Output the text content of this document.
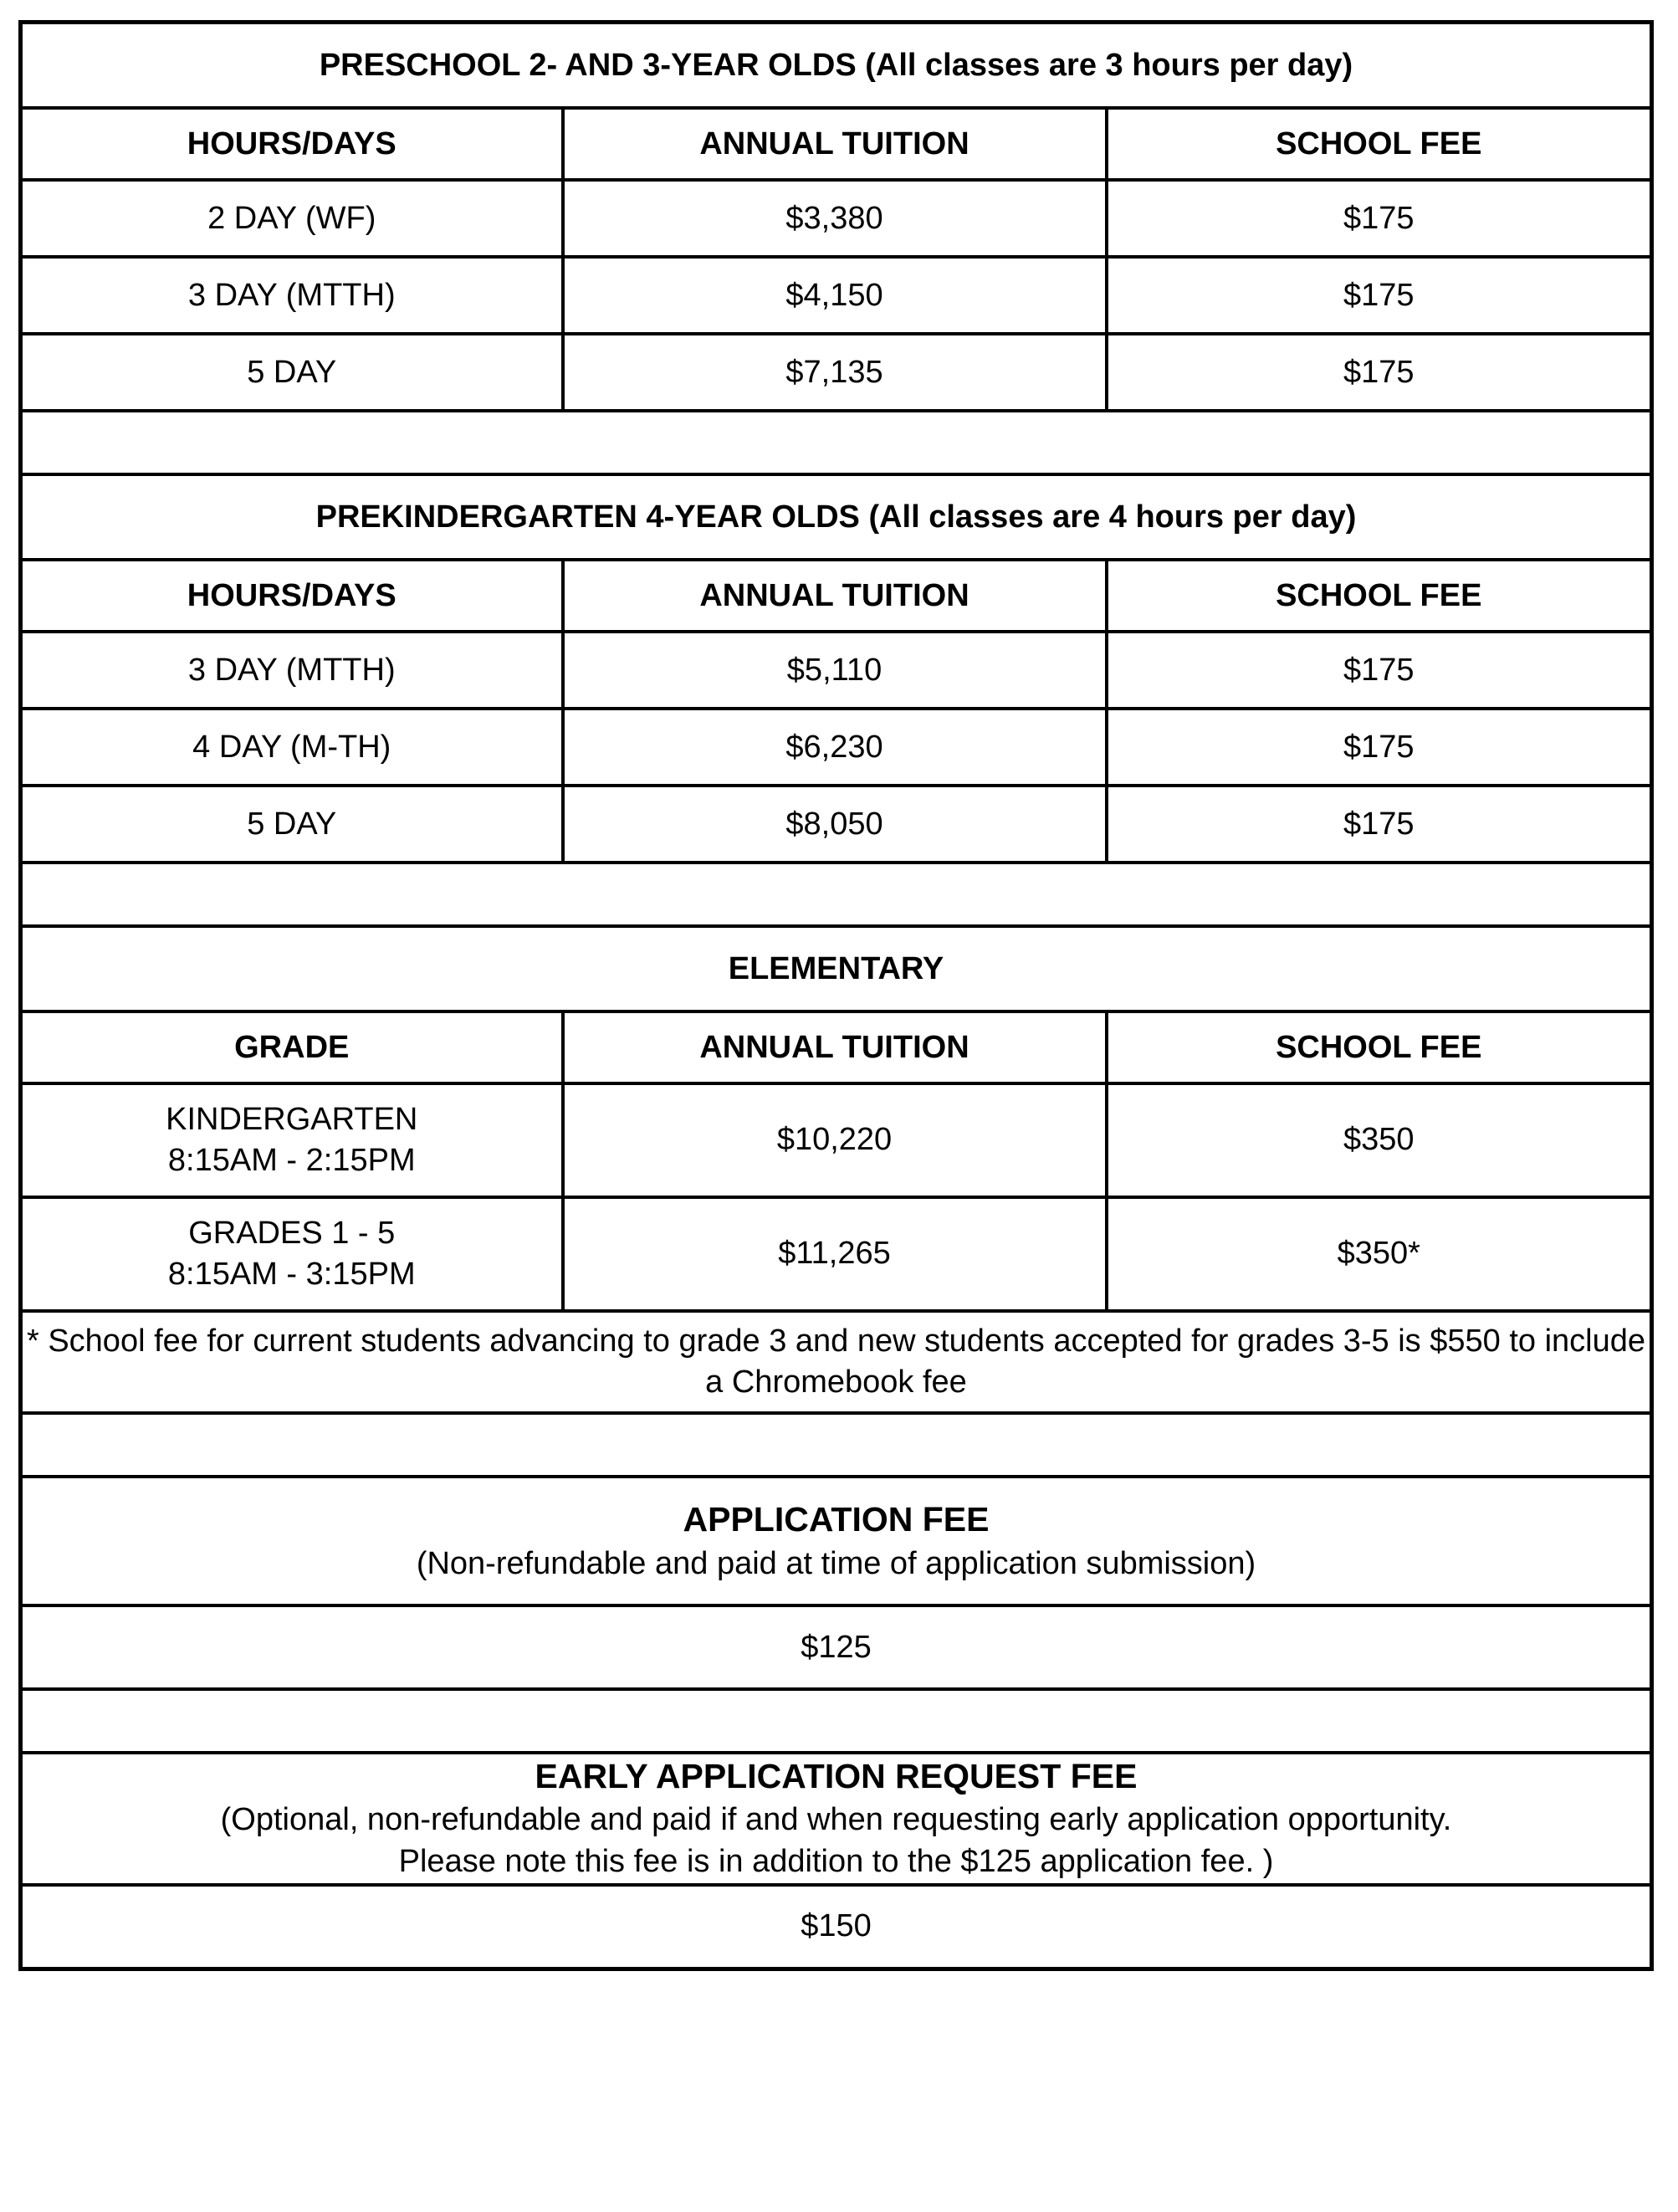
PRESCHOOL 2- AND 3-YEAR OLDS (All classes are 3 hours per day)		
HOURS/DAYS	ANNUAL TUITION	SCHOOL FEE
2 DAY (WF)	$3,380	$175
3 DAY (MTTH)	$4,150	$175
5 DAY	$7,135	$175

PREKINDERGARTEN 4-YEAR OLDS (All classes are 4 hours per day)		
HOURS/DAYS	ANNUAL TUITION	SCHOOL FEE
3 DAY (MTTH)	$5,110	$175
4 DAY (M-TH)	$6,230	$175
5 DAY	$8,050	$175

ELEMENTARY		
GRADE	ANNUAL TUITION	SCHOOL FEE

KINDERGARTEN
8:15AM - 2:15PM	$10,220	$350

GRADES 1 - 5
8:15AM - 3:15PM	$11,265	$350*
* School fee for current students advancing to grade 3 and new students accepted for grades 3-5 is $550 to include a Chromebook fee		

APPLICATION FEE
(Non-refundable and paid at time of application submission)		

$125		

EARLY APPLICATION REQUEST FEE
(Optional, non-refundable and paid if and when requesting early application opportunity.
Please note this fee is in addition to the $125 application fee. )		

$150		
